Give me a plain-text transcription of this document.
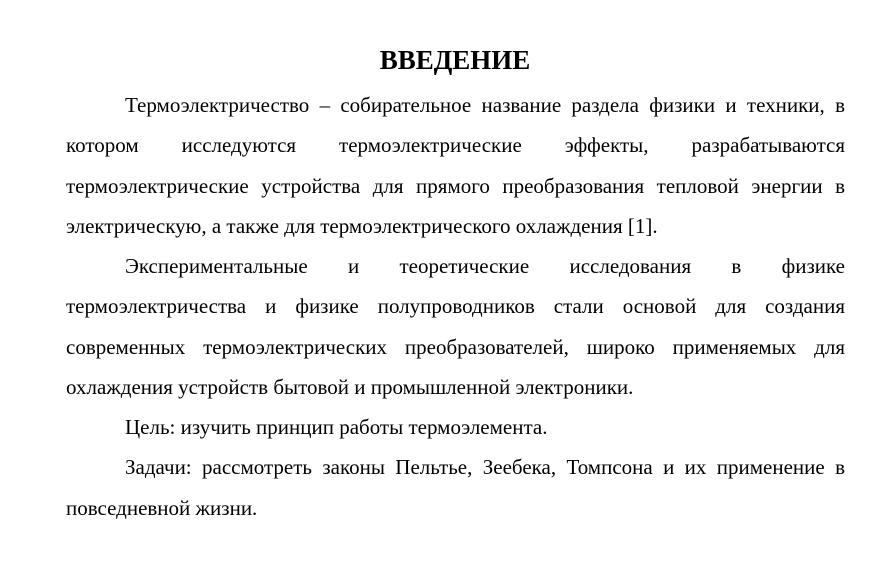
ВВЕДЕНИЕ

Термоэлектричество – собирательное название раздела физики и техники, в котором исследуются термоэлектрические эффекты, разрабатываются термоэлектрические устройства для прямого преобразования тепловой энергии в электрическую, а также для термоэлектрического охлаждения [1].

Экспериментальные и теоретические исследования в физике термоэлектричества и физике полупроводников стали основой для создания современных термоэлектрических преобразователей, широко применяемых для охлаждения устройств бытовой и промышленной электроники.

Цель: изучить принцип работы термоэлемента.

Задачи: рассмотреть законы Пельтье, Зеебека, Томпсона и их применение в повседневной жизни.
